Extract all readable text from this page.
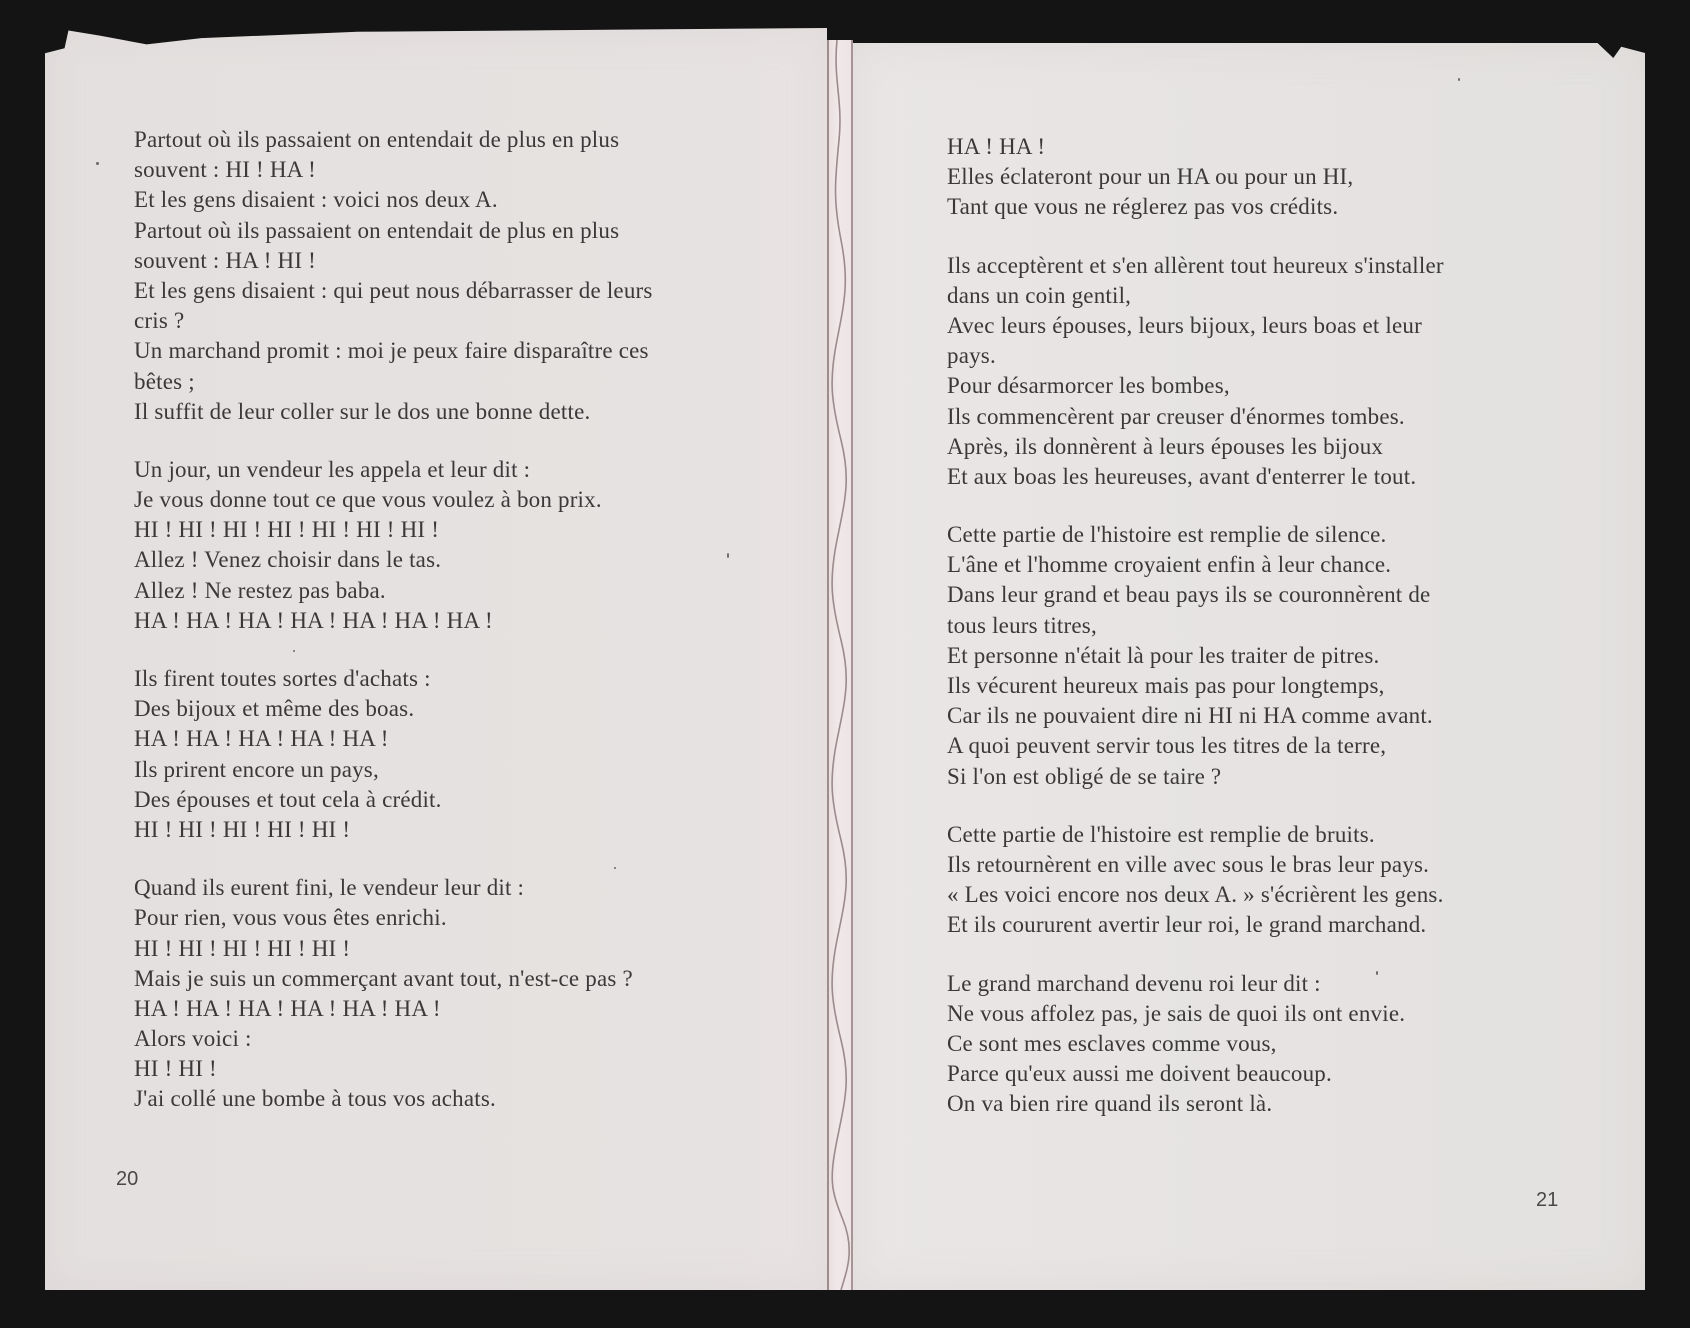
Partout où ils passaient on entendait de plus en plus
souvent : HI ! HA !
Et les gens disaient : voici nos deux A.
Partout où ils passaient on entendait de plus en plus
souvent : HA ! HI !
Et les gens disaient : qui peut nous débarrasser de leurs
cris ?
Un marchand promit : moi je peux faire disparaître ces
bêtes ;
Il suffit de leur coller sur le dos une bonne dette.
Un jour, un vendeur les appela et leur dit :
Je vous donne tout ce que vous voulez à bon prix.
HI ! HI ! HI ! HI ! HI ! HI ! HI !
Allez ! Venez choisir dans le tas.
Allez ! Ne restez pas baba.
HA ! HA ! HA ! HA ! HA ! HA ! HA !
Ils firent toutes sortes d'achats :
Des bijoux et même des boas.
HA ! HA ! HA ! HA ! HA !
Ils prirent encore un pays,
Des épouses et tout cela à crédit.
HI ! HI ! HI ! HI ! HI !
Quand ils eurent fini, le vendeur leur dit :
Pour rien, vous vous êtes enrichi.
HI ! HI ! HI ! HI ! HI !
Mais je suis un commerçant avant tout, n'est-ce pas ?
HA ! HA ! HA ! HA ! HA ! HA !
Alors voici :
HI ! HI !
J'ai collé une bombe à tous vos achats.
HA ! HA !
Elles éclateront pour un HA ou pour un HI,
Tant que vous ne réglerez pas vos crédits.
Ils acceptèrent et s'en allèrent tout heureux s'installer
dans un coin gentil,
Avec leurs épouses, leurs bijoux, leurs boas et leur
pays.
Pour désarmorcer les bombes,
Ils commencèrent par creuser d'énormes tombes.
Après, ils donnèrent à leurs épouses les bijoux
Et aux boas les heureuses, avant d'enterrer le tout.
Cette partie de l'histoire est remplie de silence.
L'âne et l'homme croyaient enfin à leur chance.
Dans leur grand et beau pays ils se couronnèrent de
tous leurs titres,
Et personne n'était là pour les traiter de pitres.
Ils vécurent heureux mais pas pour longtemps,
Car ils ne pouvaient dire ni HI ni HA comme avant.
A quoi peuvent servir tous les titres de la terre,
Si l'on est obligé de se taire ?
Cette partie de l'histoire est remplie de bruits.
Ils retournèrent en ville avec sous le bras leur pays.
« Les voici encore nos deux A. » s'écrièrent les gens.
Et ils coururent avertir leur roi, le grand marchand.
Le grand marchand devenu roi leur dit :
Ne vous affolez pas, je sais de quoi ils ont envie.
Ce sont mes esclaves comme vous,
Parce qu'eux aussi me doivent beaucoup.
On va bien rire quand ils seront là.
20
21
